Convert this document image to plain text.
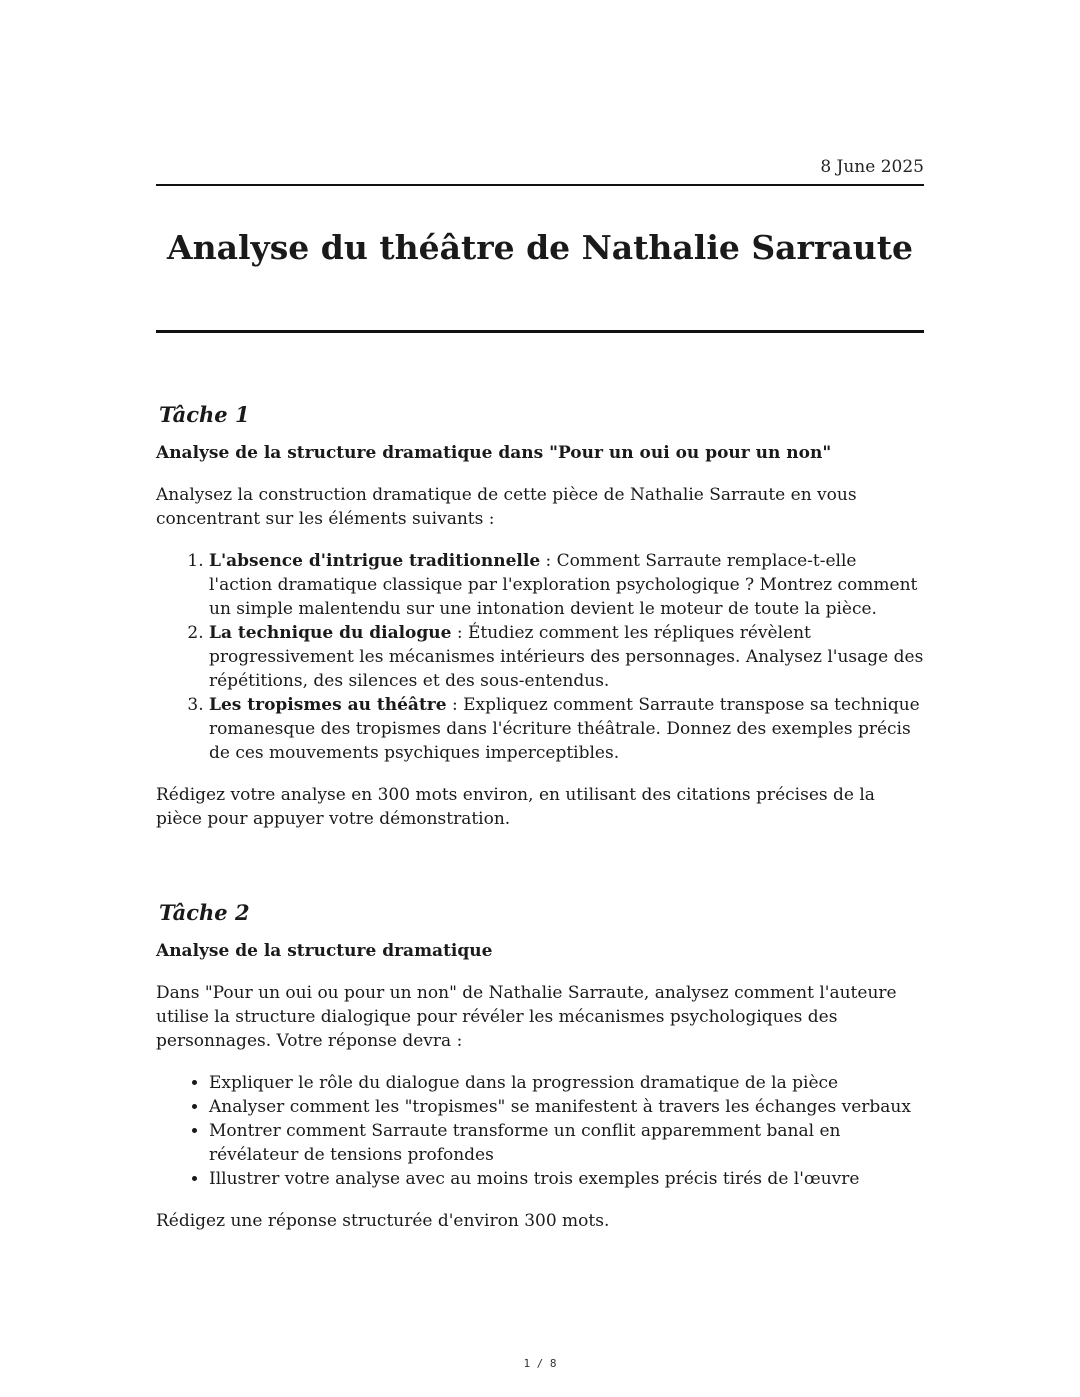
8 June 2025
Analyse du théâtre de Nathalie Sarraute
Tâche 1

Analyse de la structure dramatique dans "Pour un oui ou pour un non"

Analysez la construction dramatique de cette pièce de Nathalie Sarraute en vous concentrant sur les éléments suivants :

1. L'absence d'intrigue traditionnelle : Comment Sarraute remplace-t-elle l'action dramatique classique par l'exploration psychologique ? Montrez comment un simple malentendu sur une intonation devient le moteur de toute la pièce.
2. La technique du dialogue : Étudiez comment les répliques révèlent progressivement les mécanismes intérieurs des personnages. Analysez l'usage des répétitions, des silences et des sous-entendus.
3. Les tropismes au théâtre : Expliquez comment Sarraute transpose sa technique romanesque des tropismes dans l'écriture théâtrale. Donnez des exemples précis de ces mouvements psychiques imperceptibles.

Rédigez votre analyse en 300 mots environ, en utilisant des citations précises de la pièce pour appuyer votre démonstration.

Tâche 2

Analyse de la structure dramatique

Dans "Pour un oui ou pour un non" de Nathalie Sarraute, analysez comment l'auteure utilise la structure dialogique pour révéler les mécanismes psychologiques des personnages. Votre réponse devra :

• Expliquer le rôle du dialogue dans la progression dramatique de la pièce
• Analyser comment les "tropismes" se manifestent à travers les échanges verbaux
• Montrer comment Sarraute transforme un conflit apparemment banal en révélateur de tensions profondes
• Illustrer votre analyse avec au moins trois exemples précis tirés de l'œuvre

Rédigez une réponse structurée d'environ 300 mots.

1 / 8
